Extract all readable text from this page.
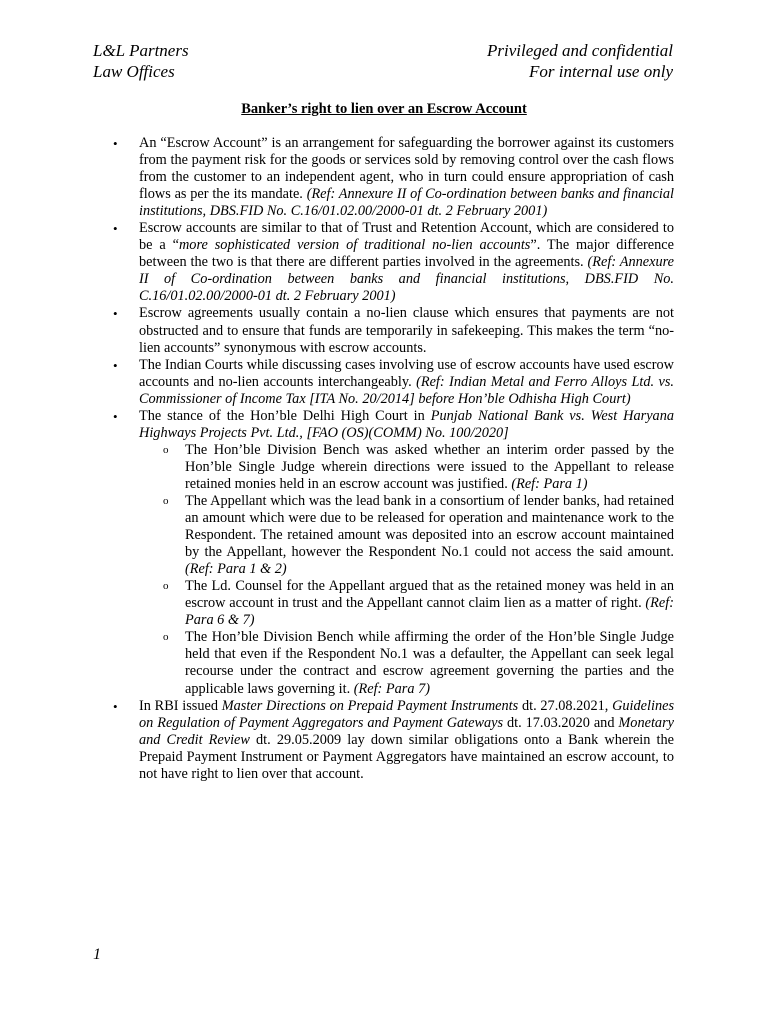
L&L Partners
Law Offices
Privileged and confidential
For internal use only
Banker’s right to lien over an Escrow Account

• An “Escrow Account” is an arrangement for safeguarding the borrower against its customers from the payment risk for the goods or services sold by removing control over the cash flows from the customer to an independent agent, who in turn could ensure appropriation of cash flows as per the its mandate. (Ref: Annexure II of Co-ordination between banks and financial institutions, DBS.FID No. C.16/01.02.00/2000-01 dt. 2 February 2001)

• Escrow accounts are similar to that of Trust and Retention Account, which are considered to be a “more sophisticated version of traditional no-lien accounts”. The major difference between the two is that there are different parties involved in the agreements. (Ref: Annexure II of Co-ordination between banks and financial institutions, DBS.FID No. C.16/01.02.00/2000-01 dt. 2 February 2001)

• Escrow agreements usually contain a no-lien clause which ensures that payments are not obstructed and to ensure that funds are temporarily in safekeeping. This makes the term “no-lien accounts” synonymous with escrow accounts.

• The Indian Courts while discussing cases involving use of escrow accounts have used escrow accounts and no-lien accounts interchangeably. (Ref: Indian Metal and Ferro Alloys Ltd. vs. Commissioner of Income Tax [ITA No. 20/2014] before Hon’ble Odhisha High Court)

• The stance of the Hon’ble Delhi High Court in Punjab National Bank vs. West Haryana Highways Projects Pvt. Ltd., [FAO (OS)(COMM) No. 100/2020]

o The Hon’ble Division Bench was asked whether an interim order passed by the Hon’ble Single Judge wherein directions were issued to the Appellant to release retained monies held in an escrow account was justified. (Ref: Para 1)

o The Appellant which was the lead bank in a consortium of lender banks, had retained an amount which were due to be released for operation and maintenance work to the Respondent. The retained amount was deposited into an escrow account maintained by the Appellant, however the Respondent No.1 could not access the said amount. (Ref: Para 1 & 2)

o The Ld. Counsel for the Appellant argued that as the retained money was held in an escrow account in trust and the Appellant cannot claim lien as a matter of right. (Ref: Para 6 & 7)

o The Hon’ble Division Bench while affirming the order of the Hon’ble Single Judge held that even if the Respondent No.1 was a defaulter, the Appellant can seek legal recourse under the contract and escrow agreement governing the parties and the applicable laws governing it. (Ref: Para 7)

• In RBI issued Master Directions on Prepaid Payment Instruments dt. 27.08.2021, Guidelines on Regulation of Payment Aggregators and Payment Gateways dt. 17.03.2020 and Monetary and Credit Review dt. 29.05.2009 lay down similar obligations onto a Bank wherein the Prepaid Payment Instrument or Payment Aggregators have maintained an escrow account, to not have right to lien over that account.

1
